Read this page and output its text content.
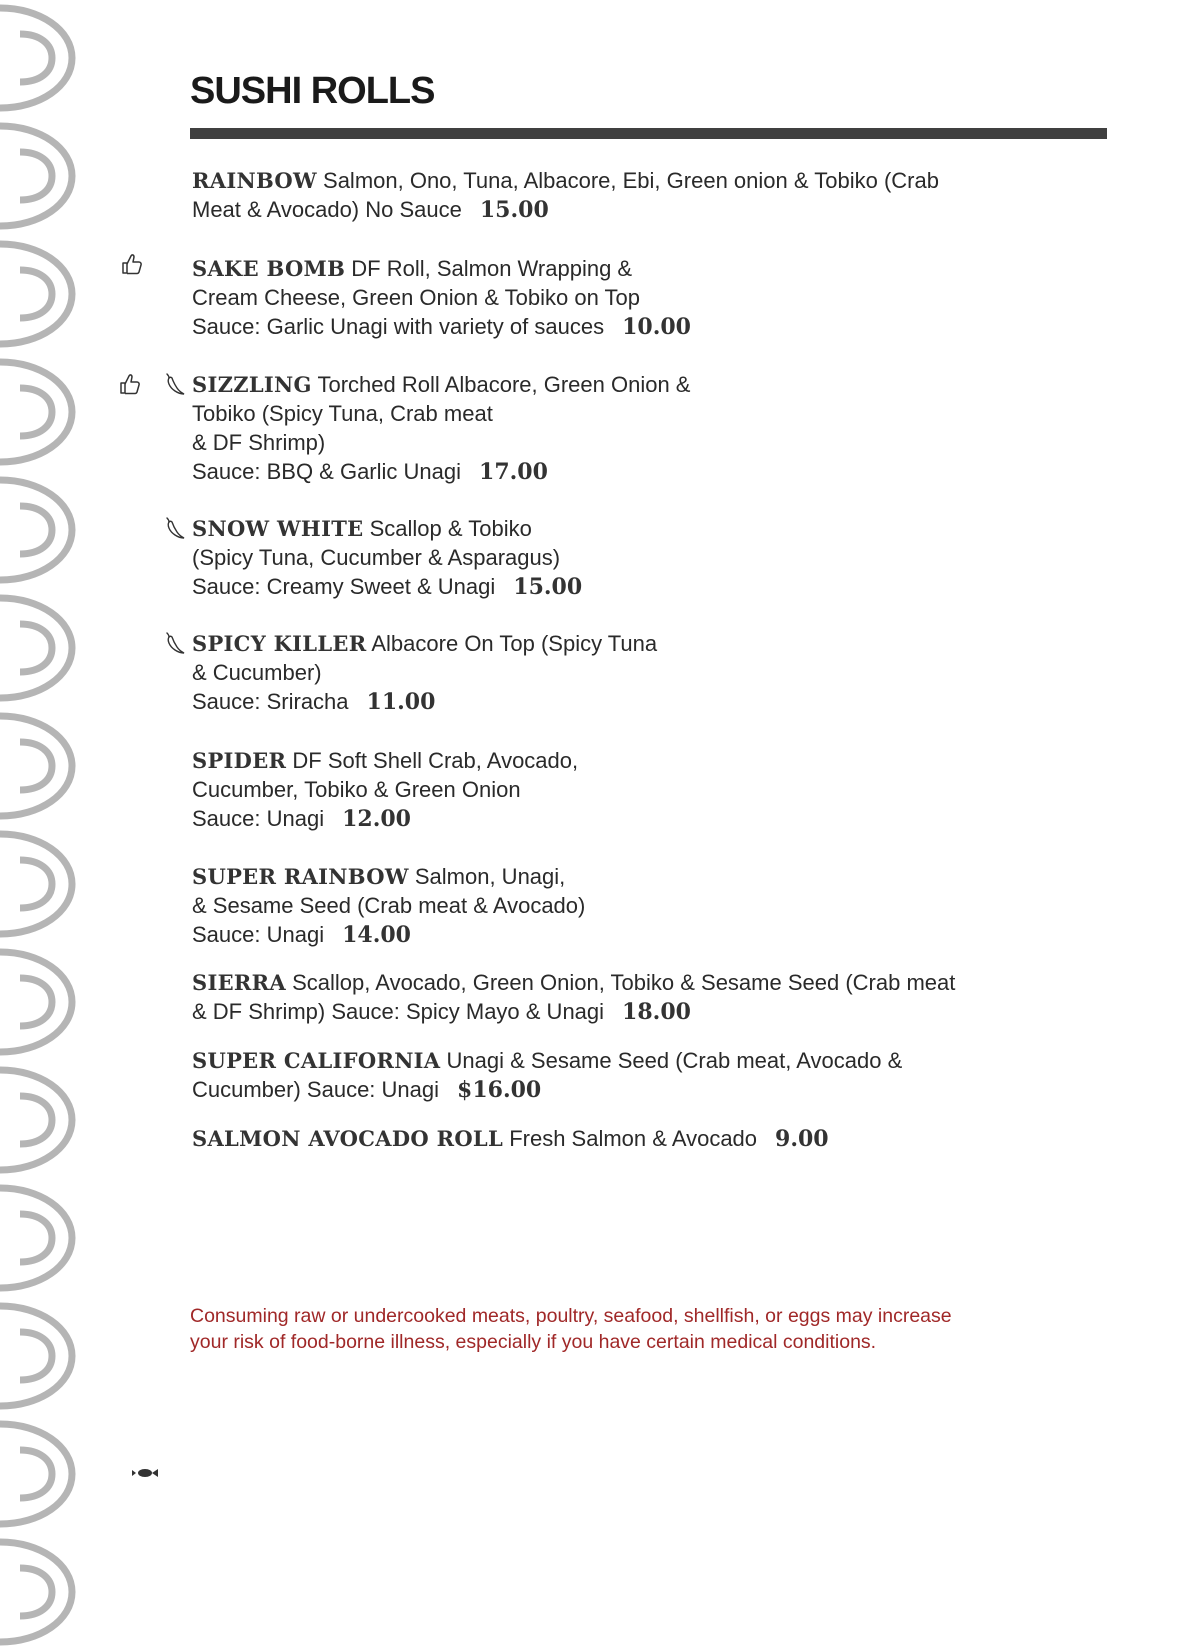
SUSHI ROLLS
RAINBOW Salmon, Ono, Tuna, Albacore, Ebi, Green onion & Tobiko (Crab
Meat & Avocado) No Sauce 15.00
SAKE BOMB DF Roll, Salmon Wrapping &
Cream Cheese, Green Onion & Tobiko on Top
Sauce: Garlic Unagi with variety of sauces 10.00
SIZZLING Torched Roll Albacore, Green Onion &
Tobiko (Spicy Tuna, Crab meat
& DF Shrimp)
Sauce: BBQ & Garlic Unagi 17.00
SNOW WHITE Scallop & Tobiko
(Spicy Tuna, Cucumber & Asparagus)
Sauce: Creamy Sweet & Unagi 15.00
SPICY KILLER Albacore On Top (Spicy Tuna
& Cucumber)
Sauce: Sriracha 11.00
SPIDER DF Soft Shell Crab, Avocado,
Cucumber, Tobiko & Green Onion
Sauce: Unagi 12.00
SUPER RAINBOW Salmon, Unagi,
& Sesame Seed (Crab meat & Avocado)
Sauce: Unagi 14.00
SIERRA Scallop, Avocado, Green Onion, Tobiko & Sesame Seed (Crab meat
& DF Shrimp) Sauce: Spicy Mayo & Unagi 18.00
SUPER CALIFORNIA Unagi & Sesame Seed (Crab meat, Avocado &
Cucumber) Sauce: Unagi $16.00
SALMON AVOCADO ROLL Fresh Salmon & Avocado 9.00

Consuming raw or undercooked meats, poultry, seafood, shellfish, or eggs may increase
your risk of food-borne illness, especially if you have certain medical conditions.
